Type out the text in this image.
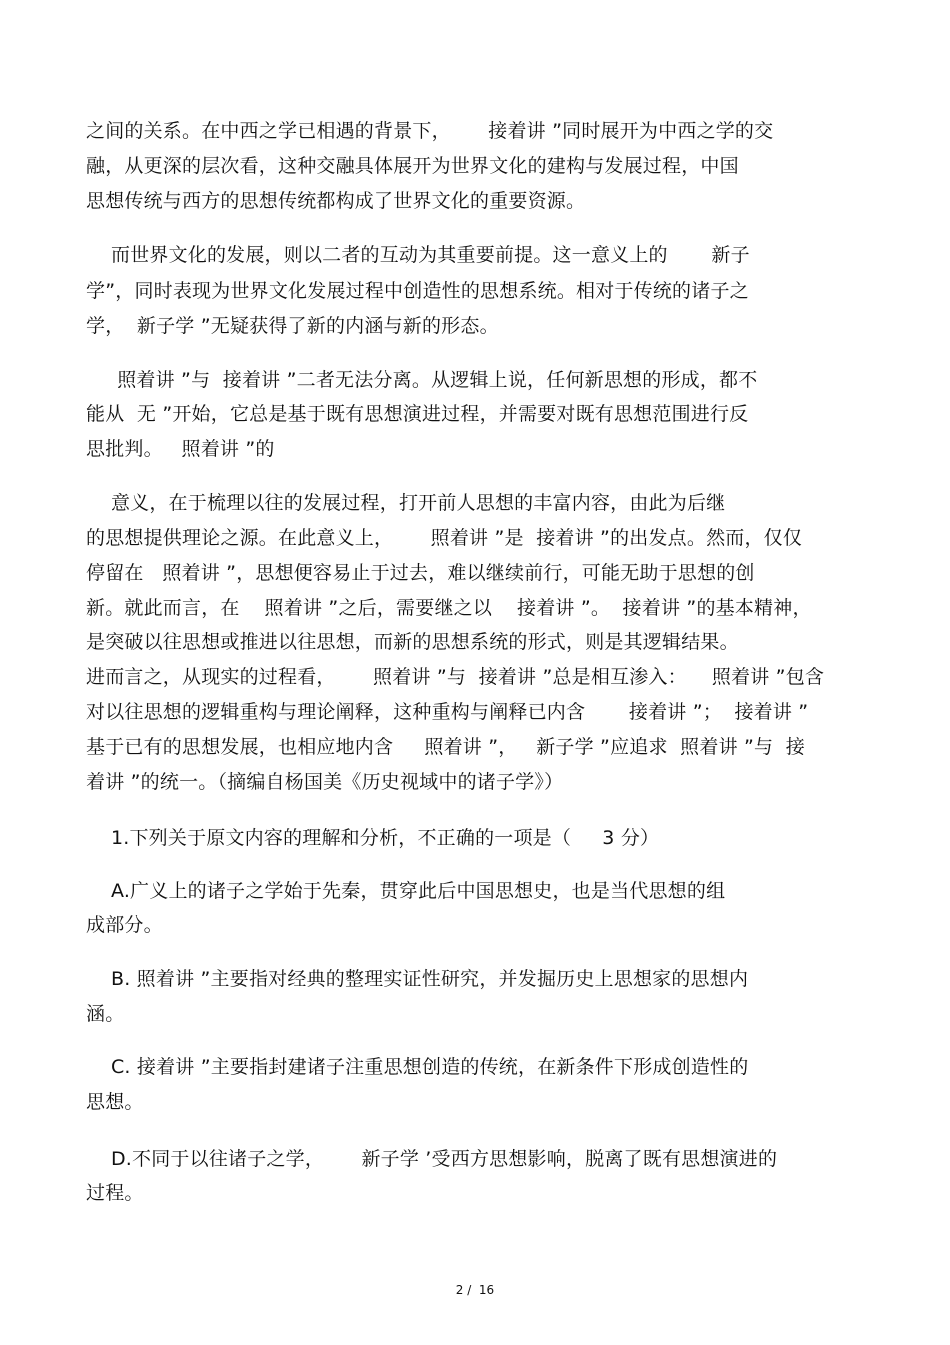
之间的关系。在中西之学已相遇的背景下，      接着讲 ”同时展开为中西之学的交
融，从更深的层次看，这种交融具体展开为世界文化的建构与发展过程，中国
思想传统与西方的思想传统都构成了世界文化的重要资源。
而世界文化的发展，则以二者的互动为其重要前提。这一意义上的       新子
学”，同时表现为世界文化发展过程中创造性的思想系统。相对于传统的诸子之
学，  新子学 ”无疑获得了新的内涵与新的形态。
照着讲 ”与  接着讲 ”二者无法分离。从逻辑上说，任何新思想的形成，都不
能从  无 ”开始，它总是基于既有思想演进过程，并需要对既有思想范围进行反
思批判。   照着讲 ”的
意义，在于梳理以往的发展过程，打开前人思想的丰富内容，由此为后继
的思想提供理论之源。在此意义上，      照着讲 ”是  接着讲 ”的出发点。然而，仅仅
停留在   照着讲 ”，思想便容易止于过去，难以继续前行，可能无助于思想的创
新。就此而言，在    照着讲 ”之后，需要继之以    接着讲 ”。  接着讲 ”的基本精神，
是突破以往思想或推进以往思想，而新的思想系统的形式，则是其逻辑结果。
进而言之，从现实的过程看，      照着讲 ”与  接着讲 ”总是相互渗入：    照着讲 ”包含
对以往思想的逻辑重构与理论阐释，这种重构与阐释已内含       接着讲 ”；  接着讲 ”
基于已有的思想发展，也相应地内含     照着讲 ”，   新子学 ”应追求  照着讲 ”与  接
着讲 ”的统一。（摘编自杨国美《历史视域中的诸子学》）
1.下列关于原文内容的理解和分析，不正确的一项是（     3 分）
A.广义上的诸子之学始于先秦，贯穿此后中国思想史，也是当代思想的组
成部分。
B. 照着讲 ”主要指对经典的整理实证性研究，并发掘历史上思想家的思想内
涵。
C. 接着讲 ”主要指封建诸子注重思想创造的传统，在新条件下形成创造性的
思想。
D.不同于以往诸子之学，      新子学 ’受西方思想影响，脱离了既有思想演进的
过程。
2 /  16
